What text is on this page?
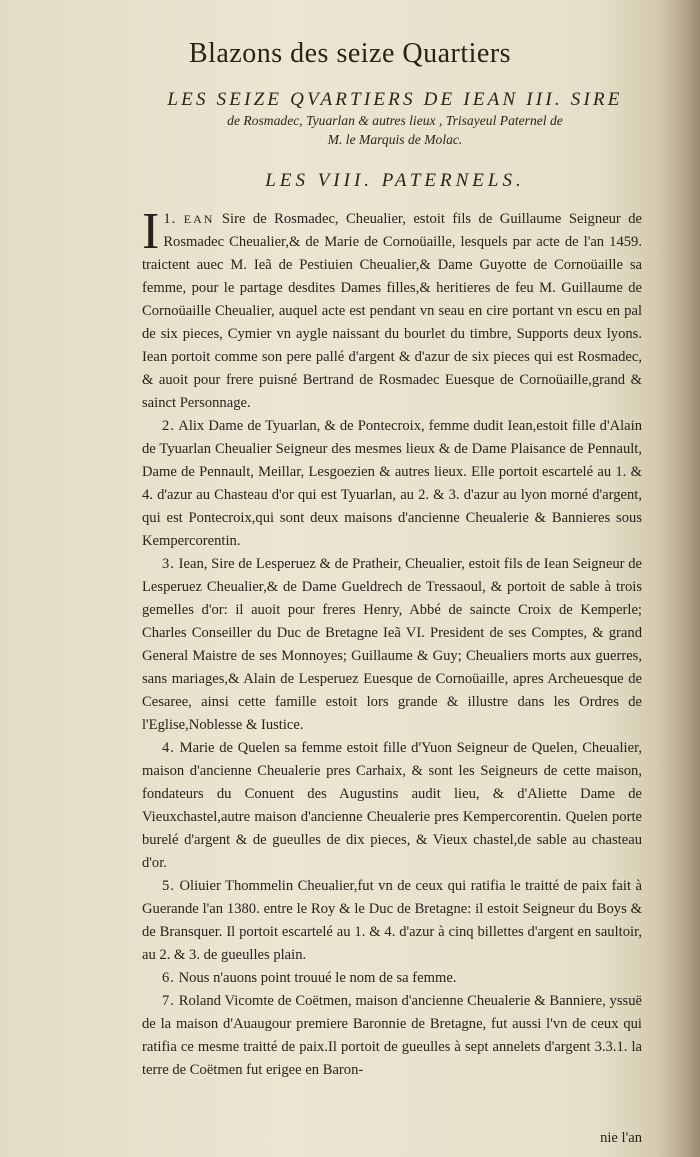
Blazons des seize Quartiers
LES SEIZE QVARTIERS DE IEAN III. SIRE
de Rosmadec, Tyuarlan & autres lieux , Trisayeul Paternel de
M. le Marquis de Molac.
LES VIII. PATERNELS.

1.
I EAN Sire de Rosmadec, Cheualier, estoit fils de Guillaume Seigneur de Rosmadec Cheualier,& de Marie de Cornoüaille, lesquels par acte de l'an 1459. traictent auec M. Ieã de Pestiuien Cheualier,& Dame Guyotte de Cornoüaille sa femme, pour le partage desdites Dames filles,& heritieres de feu M. Guillaume de Cornoüaille Cheualier, auquel acte est pendant vn seau en cire portant vn escu en pal de six pieces, Cymier vn aygle naissant du bourlet du timbre, Supports deux lyons. Iean portoit comme son pere pallé d'argent & d'azur de six pieces qui est Rosmadec, & auoit pour frere puisné Bertrand de Rosmadec Euesque de Cornoüaille,grand & sainct Personnage.

2. Alix Dame de Tyuarlan, & de Pontecroix, femme dudit Iean,estoit fille d'Alain de Tyuarlan Cheualier Seigneur des mesmes lieux & de Dame Plaisance de Pennault, Dame de Pennault, Meillar, Lesgoezien & autres lieux. Elle portoit escartelé au 1. & 4. d'azur au Chasteau d'or qui est Tyuarlan, au 2. & 3. d'azur au lyon morné d'argent, qui est Pontecroix,qui sont deux maisons d'ancienne Cheualerie & Bannieres sous Kempercorentin.

3. Iean, Sire de Lesperuez & de Pratheir, Cheualier, estoit fils de Iean Seigneur de Lesperuez Cheualier,& de Dame Gueldrech de Tressaoul, & portoit de sable à trois gemelles d'or: il auoit pour freres Henry, Abbé de saincte Croix de Kemperle; Charles Conseiller du Duc de Bretagne Ieã VI. President de ses Comptes, & grand General Maistre de ses Monnoyes; Guillaume & Guy; Cheualiers morts aux guerres, sans mariages,& Alain de Lesperuez Euesque de Cornoüaille, apres Archeuesque de Cesaree, ainsi cette famille estoit lors grande & illustre dans les Ordres de l'Eglise,Noblesse & Iustice.

4. Marie de Quelen sa femme estoit fille d'Yuon Seigneur de Quelen, Cheualier, maison d'ancienne Cheualerie pres Carhaix, & sont les Seigneurs de cette maison, fondateurs du Conuent des Augustins audit lieu, & d'Aliette Dame de Vieuxchastel,autre maison d'ancienne Cheualerie pres Kempercorentin. Quelen porte burelé d'argent & de gueulles de dix pieces, & Vieux chastel,de sable au chasteau d'or.

5. Oliuier Thommelin Cheualier,fut vn de ceux qui ratifia le traitté de paix fait à Guerande l'an 1380. entre le Roy & le Duc de Bretagne: il estoit Seigneur du Boys & de Bransquer. Il portoit escartelé au 1. & 4. d'azur à cinq billettes d'argent en saultoir, au 2. & 3. de gueulles plain.

6. Nous n'auons point trouué le nom de sa femme.

7. Roland Vicomte de Coëtmen, maison d'ancienne Cheualerie & Banniere, yssuë de la maison d'Auaugour premiere Baronnie de Bretagne, fut aussi l'vn de ceux qui ratifia ce mesme traitté de paix.Il portoit de gueulles à sept annelets d'argent 3.3.1. la terre de Coëtmen fut erigee en Baron-

nie l'an
